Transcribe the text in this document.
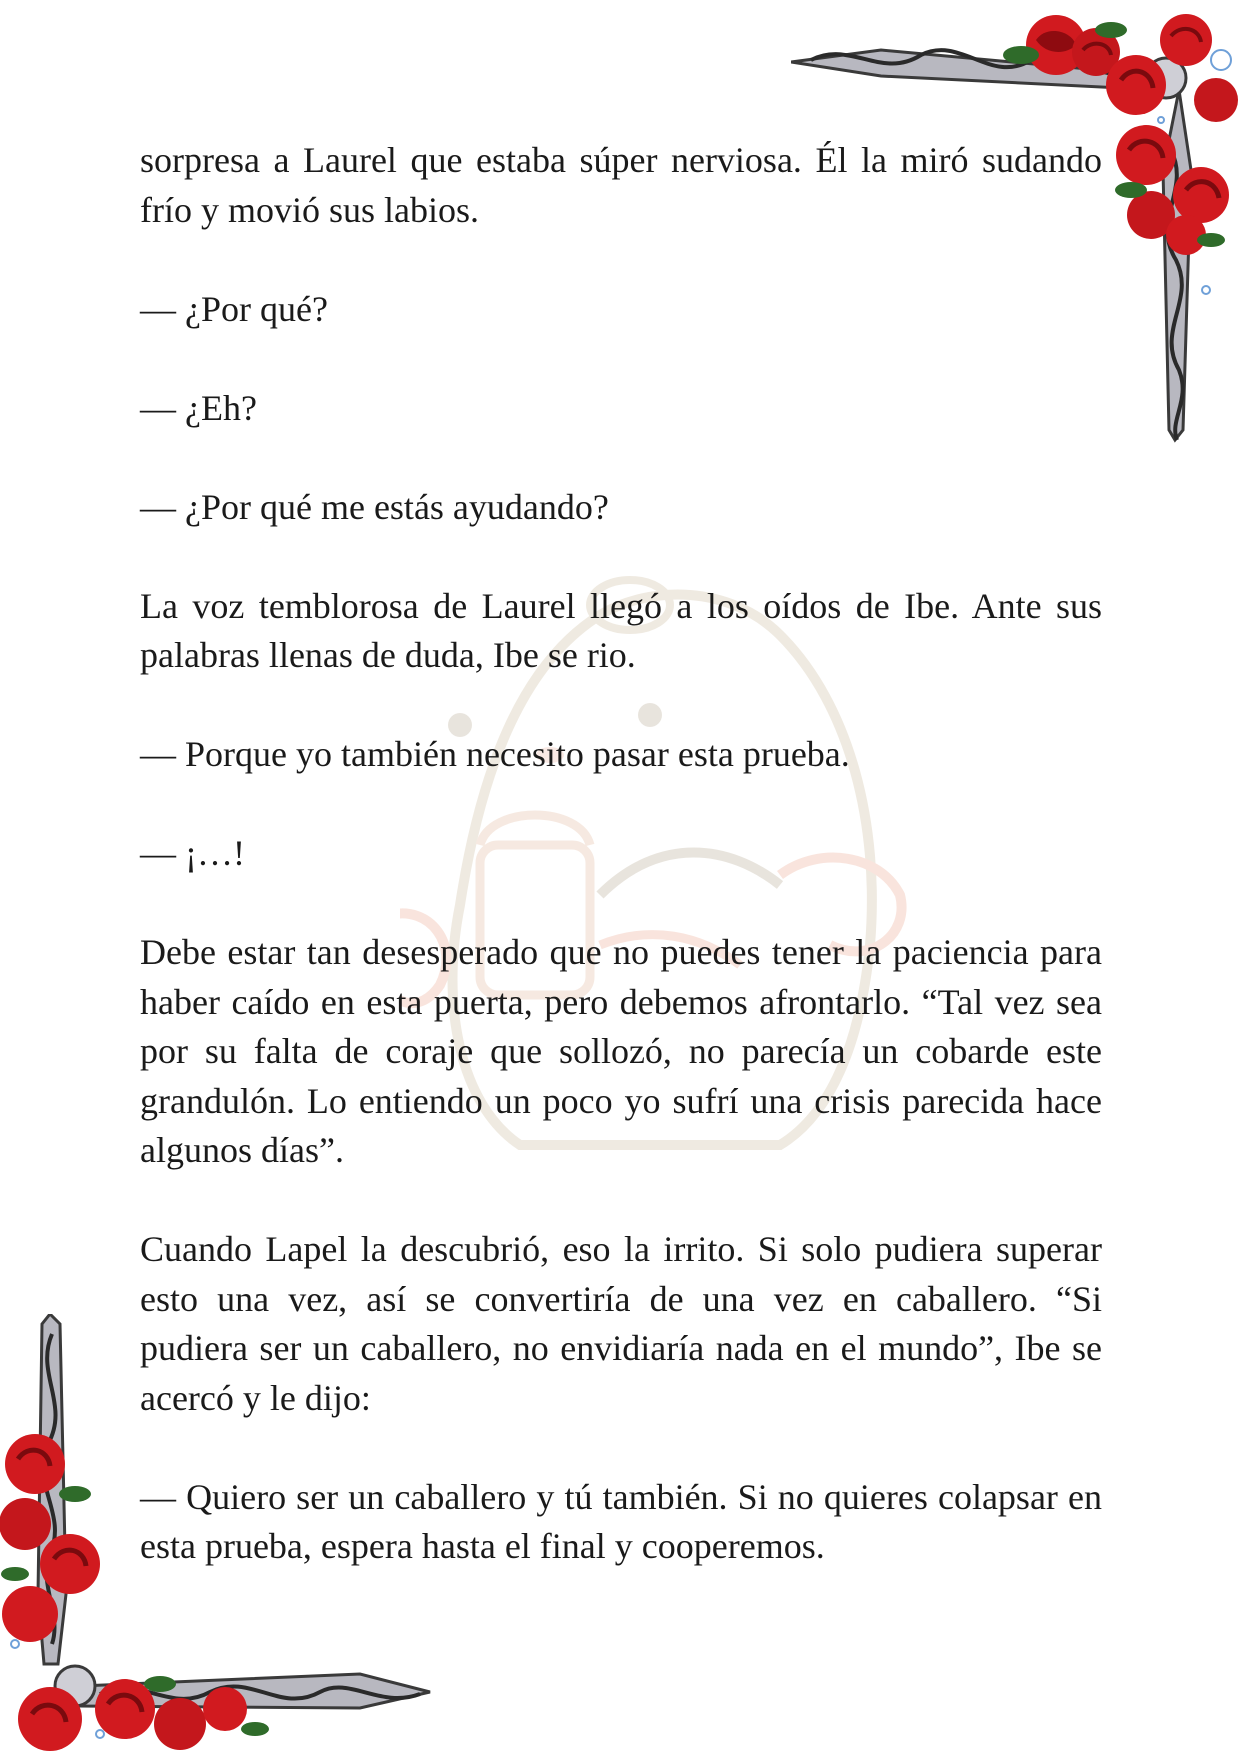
sorpresa a Laurel que estaba súper nerviosa. Él la miró sudando frío y movió sus labios.

— ¿Por qué?

— ¿Eh?

— ¿Por qué me estás ayudando?

La voz temblorosa de Laurel llegó a los oídos de Ibe. Ante sus palabras llenas de duda, Ibe se rio.

— Porque yo también necesito pasar esta prueba.

— ¡…!

Debe estar tan desesperado que no puedes tener la paciencia para haber caído en esta puerta, pero debemos afrontarlo. “Tal vez sea por su falta de coraje que sollozó, no parecía un cobarde este grandulón. Lo entiendo un poco yo sufrí una crisis parecida hace algunos días”.

Cuando Lapel la descubrió, eso la irrito. Si solo pudiera superar esto una vez, así se convertiría de una vez en caballero. “Si pudiera ser un caballero, no envidiaría nada en el mundo”, Ibe se acercó y le dijo:

— Quiero ser un caballero y tú también. Si no quieres colapsar en esta prueba, espera hasta el final y cooperemos.
